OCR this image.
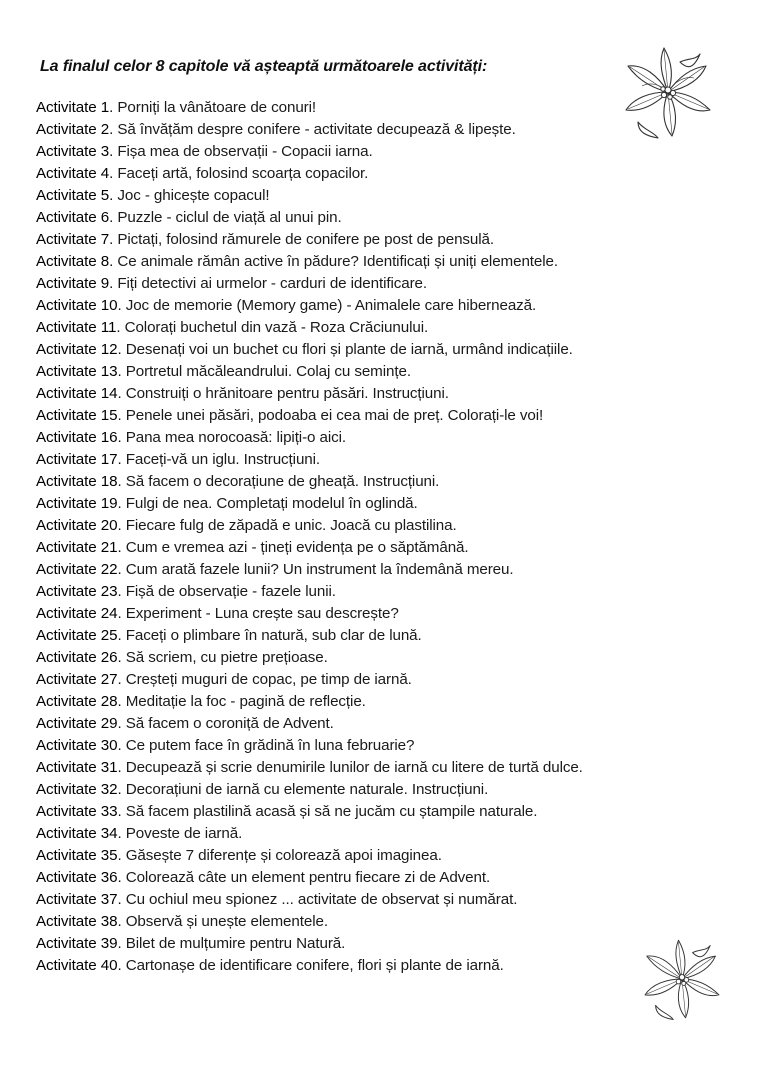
La finalul celor 8 capitole vă așteaptă următoarele activități:
Activitate 1. Porniți la vânătoare de conuri!
Activitate 2. Să învățăm despre conifere - activitate decupează & lipește.
Activitate 3. Fișa mea de observații - Copacii iarna.
Activitate 4. Faceți artă, folosind scoarța copacilor.
Activitate 5. Joc - ghicește copacul!
Activitate 6. Puzzle - ciclul de viață al unui pin.
Activitate 7. Pictați, folosind rămurele de conifere pe post de pensulă.
Activitate 8. Ce animale rămân active în pădure? Identificați și uniți elementele.
Activitate 9. Fiți detectivi ai urmelor - carduri de identificare.
Activitate 10. Joc de memorie (Memory game) - Animalele care hibernează.
Activitate 11. Colorați buchetul din vază - Roza Crăciunului.
Activitate 12. Desenați voi un buchet cu flori și plante de iarnă, urmând indicațiile.
Activitate 13. Portretul măcăleandrului. Colaj cu semințe.
Activitate 14. Construiți o hrănitoare pentru păsări. Instrucțiuni.
Activitate 15. Penele unei păsări, podoaba ei cea mai de preț. Colorați-le voi!
Activitate 16. Pana mea norocoasă: lipiți-o aici.
Activitate 17. Faceți-vă un iglu. Instrucțiuni.
Activitate 18. Să facem o decorațiune de gheață. Instrucțiuni.
Activitate 19. Fulgi de nea. Completați modelul în oglindă.
Activitate 20. Fiecare fulg de zăpadă e unic. Joacă cu plastilina.
Activitate 21. Cum e vremea azi - țineți evidența pe o săptămână.
Activitate 22. Cum arată fazele lunii? Un instrument la îndemână mereu.
Activitate 23. Fișă de observație - fazele lunii.
Activitate 24. Experiment - Luna crește sau descrește?
Activitate 25. Faceți o plimbare în natură, sub clar de lună.
Activitate 26. Să scriem, cu pietre prețioase.
Activitate 27. Creșteți muguri de copac, pe timp de iarnă.
Activitate 28. Meditație la foc - pagină de reflecție.
Activitate 29. Să facem o coroniță de Advent.
Activitate 30. Ce putem face în grădină în luna februarie?
Activitate 31. Decupează și scrie denumirile lunilor de iarnă cu litere de turtă dulce.
Activitate 32. Decorațiuni de iarnă cu elemente naturale. Instrucțiuni.
Activitate 33. Să facem plastilină acasă și să ne jucăm cu ștampile naturale.
Activitate 34. Poveste de iarnă.
Activitate 35. Găsește 7 diferențe și colorează apoi imaginea.
Activitate 36. Colorează câte un element pentru fiecare zi de Advent.
Activitate 37. Cu ochiul meu spionez ... activitate de observat și numărat.
Activitate 38. Observă și unește elementele.
Activitate 39. Bilet de mulțumire pentru Natură.
Activitate 40. Cartonașe de identificare conifere, flori și plante de iarnă.
